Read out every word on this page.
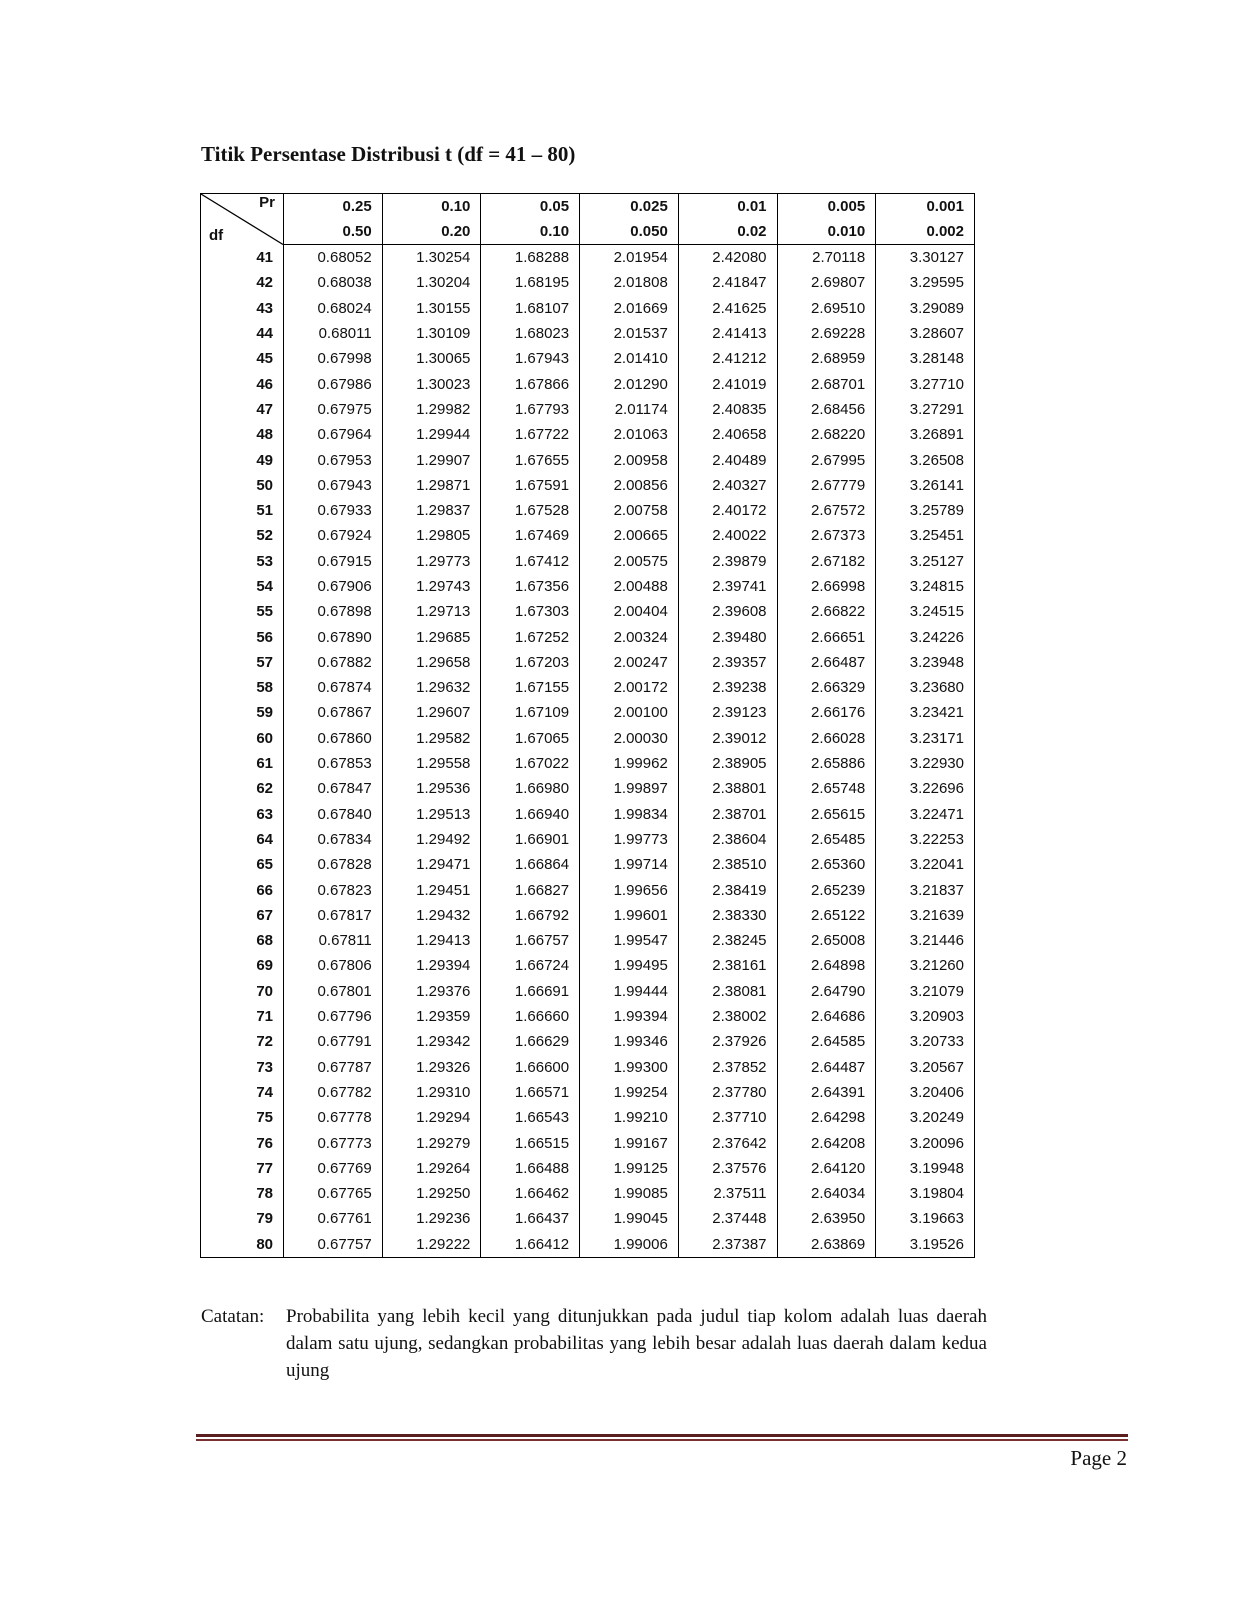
Titik Persentase Distribusi t (df = 41 – 80)
Pr
df	0.25	0.10	0.05	0.025	0.01	0.005	0.001
	0.50	0.20	0.10	0.050	0.02	0.010	0.002
41	0.68052	1.30254	1.68288	2.01954	2.42080	2.70118	3.30127
42	0.68038	1.30204	1.68195	2.01808	2.41847	2.69807	3.29595
43	0.68024	1.30155	1.68107	2.01669	2.41625	2.69510	3.29089
44	0.68011	1.30109	1.68023	2.01537	2.41413	2.69228	3.28607
45	0.67998	1.30065	1.67943	2.01410	2.41212	2.68959	3.28148
46	0.67986	1.30023	1.67866	2.01290	2.41019	2.68701	3.27710
47	0.67975	1.29982	1.67793	2.01174	2.40835	2.68456	3.27291
48	0.67964	1.29944	1.67722	2.01063	2.40658	2.68220	3.26891
49	0.67953	1.29907	1.67655	2.00958	2.40489	2.67995	3.26508
50	0.67943	1.29871	1.67591	2.00856	2.40327	2.67779	3.26141
51	0.67933	1.29837	1.67528	2.00758	2.40172	2.67572	3.25789
52	0.67924	1.29805	1.67469	2.00665	2.40022	2.67373	3.25451
53	0.67915	1.29773	1.67412	2.00575	2.39879	2.67182	3.25127
54	0.67906	1.29743	1.67356	2.00488	2.39741	2.66998	3.24815
55	0.67898	1.29713	1.67303	2.00404	2.39608	2.66822	3.24515
56	0.67890	1.29685	1.67252	2.00324	2.39480	2.66651	3.24226
57	0.67882	1.29658	1.67203	2.00247	2.39357	2.66487	3.23948
58	0.67874	1.29632	1.67155	2.00172	2.39238	2.66329	3.23680
59	0.67867	1.29607	1.67109	2.00100	2.39123	2.66176	3.23421
60	0.67860	1.29582	1.67065	2.00030	2.39012	2.66028	3.23171
61	0.67853	1.29558	1.67022	1.99962	2.38905	2.65886	3.22930
62	0.67847	1.29536	1.66980	1.99897	2.38801	2.65748	3.22696
63	0.67840	1.29513	1.66940	1.99834	2.38701	2.65615	3.22471
64	0.67834	1.29492	1.66901	1.99773	2.38604	2.65485	3.22253
65	0.67828	1.29471	1.66864	1.99714	2.38510	2.65360	3.22041
66	0.67823	1.29451	1.66827	1.99656	2.38419	2.65239	3.21837
67	0.67817	1.29432	1.66792	1.99601	2.38330	2.65122	3.21639
68	0.67811	1.29413	1.66757	1.99547	2.38245	2.65008	3.21446
69	0.67806	1.29394	1.66724	1.99495	2.38161	2.64898	3.21260
70	0.67801	1.29376	1.66691	1.99444	2.38081	2.64790	3.21079
71	0.67796	1.29359	1.66660	1.99394	2.38002	2.64686	3.20903
72	0.67791	1.29342	1.66629	1.99346	2.37926	2.64585	3.20733
73	0.67787	1.29326	1.66600	1.99300	2.37852	2.64487	3.20567
74	0.67782	1.29310	1.66571	1.99254	2.37780	2.64391	3.20406
75	0.67778	1.29294	1.66543	1.99210	2.37710	2.64298	3.20249
76	0.67773	1.29279	1.66515	1.99167	2.37642	2.64208	3.20096
77	0.67769	1.29264	1.66488	1.99125	2.37576	2.64120	3.19948
78	0.67765	1.29250	1.66462	1.99085	2.37511	2.64034	3.19804
79	0.67761	1.29236	1.66437	1.99045	2.37448	2.63950	3.19663
80	0.67757	1.29222	1.66412	1.99006	2.37387	2.63869	3.19526
Catatan:	Probabilita yang lebih kecil yang ditunjukkan pada judul tiap kolom adalah luas daerah dalam satu ujung, sedangkan probabilitas yang lebih besar adalah luas daerah dalam kedua ujung
Page 2
